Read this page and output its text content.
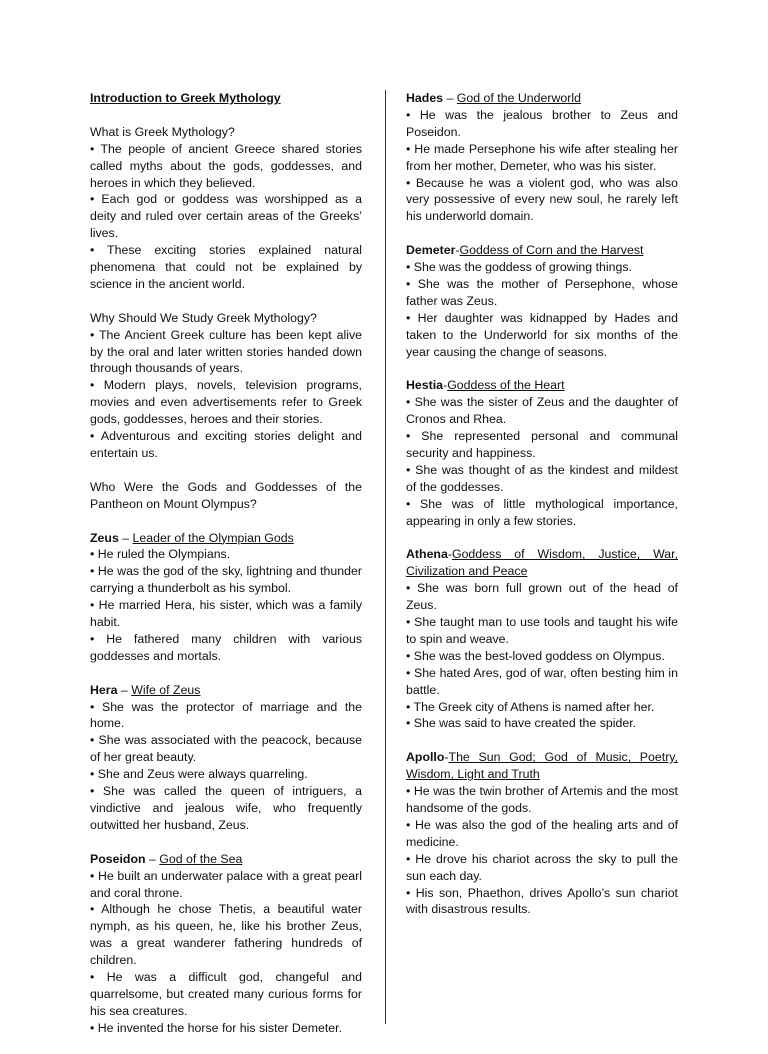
Introduction to Greek Mythology
What is Greek Mythology?
• The people of ancient Greece shared stories called myths about the gods, goddesses, and heroes in which they believed.
• Each god or goddess was worshipped as a deity and ruled over certain areas of the Greeks’ lives.
• These exciting stories explained natural phenomena that could not be explained by science in the ancient world.
Why Should We Study Greek Mythology?
• The Ancient Greek culture has been kept alive by the oral and later written stories handed down through thousands of years.
• Modern plays, novels, television programs, movies and even advertisements refer to Greek gods, goddesses, heroes and their stories.
• Adventurous and exciting stories delight and entertain us.
Who Were the Gods and Goddesses of the Pantheon on Mount Olympus?
Zeus – Leader of the Olympian Gods
• He ruled the Olympians.
• He was the god of the sky, lightning and thunder carrying a thunderbolt as his symbol.
• He married Hera, his sister, which was a family habit.
• He fathered many children with various goddesses and mortals.
Hera – Wife of Zeus
• She was the protector of marriage and the home.
• She was associated with the peacock, because of her great beauty.
• She and Zeus were always quarreling.
• She was called the queen of intriguers, a vindictive and jealous wife, who frequently outwitted her husband, Zeus.
Poseidon – God of the Sea
• He built an underwater palace with a great pearl and coral throne.
• Although he chose Thetis, a beautiful water nymph, as his queen, he, like his brother Zeus, was a great wanderer fathering hundreds of children.
• He was a difficult god, changeful and quarrelsome, but created many curious forms for his sea creatures.
• He invented the horse for his sister Demeter.
Hades – God of the Underworld
• He was the jealous brother to Zeus and Poseidon.
• He made Persephone his wife after stealing her from her mother, Demeter, who was his sister.
• Because he was a violent god, who was also very possessive of every new soul, he rarely left his underworld domain.
Demeter-Goddess of Corn and the Harvest
• She was the goddess of growing things.
• She was the mother of Persephone, whose father was Zeus.
• Her daughter was kidnapped by Hades and taken to the Underworld for six months of the year causing the change of seasons.
Hestia-Goddess of the Heart
• She was the sister of Zeus and the daughter of Cronos and Rhea.
• She represented personal and communal security and happiness.
• She was thought of as the kindest and mildest of the goddesses.
• She was of little mythological importance, appearing in only a few stories.
Athena-Goddess of Wisdom, Justice, War, Civilization and Peace
• She was born full grown out of the head of Zeus.
• She taught man to use tools and taught his wife to spin and weave.
• She was the best-loved goddess on Olympus.
• She hated Ares, god of war, often besting him in battle.
• The Greek city of Athens is named after her.
• She was said to have created the spider.
Apollo-The Sun God; God of Music, Poetry, Wisdom, Light and Truth
• He was the twin brother of Artemis and the most handsome of the gods.
• He was also the god of the healing arts and of medicine.
• He drove his chariot across the sky to pull the sun each day.
• His son, Phaethon, drives Apollo’s sun chariot with disastrous results.
